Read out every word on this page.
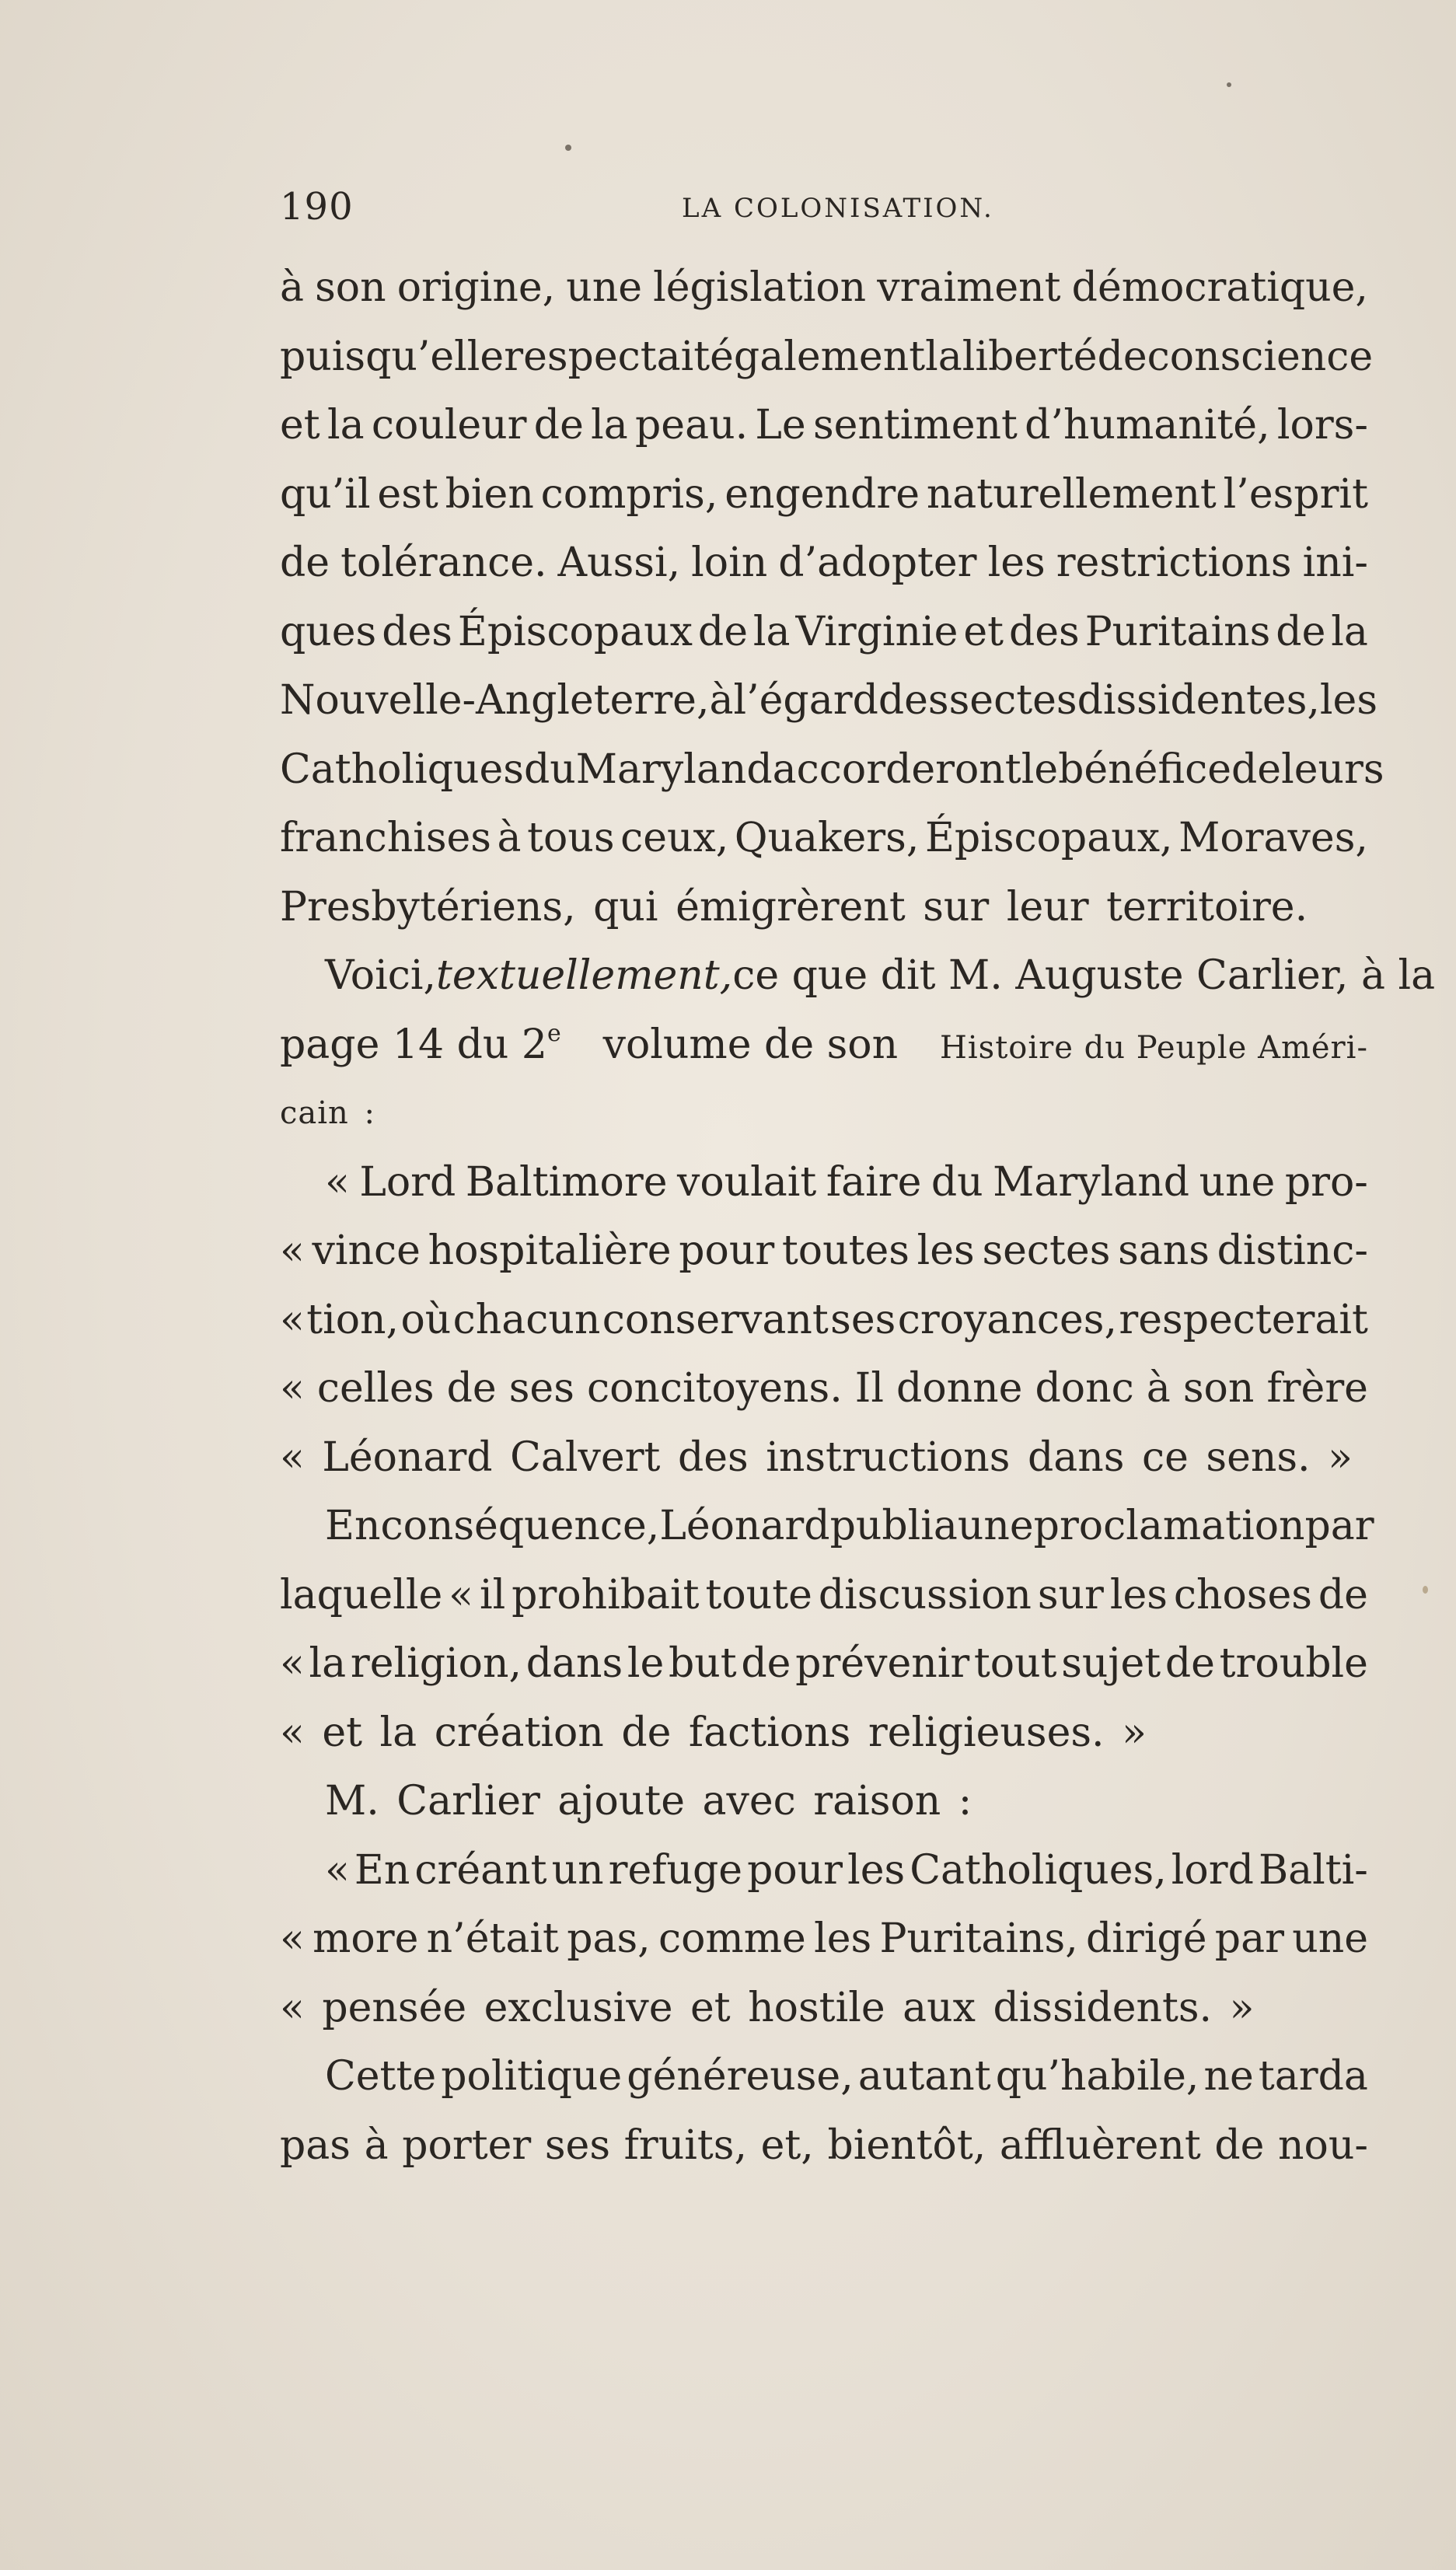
190	LA COLONISATION.
à son origine, une législation vraiment démocratique,
puisqu’elle respectait également la liberté de conscience
et la couleur de la peau. Le sentiment d’humanité, lors-
qu’il est bien compris, engendre naturellement l’esprit
de tolérance. Aussi, loin d’adopter les restrictions ini-
ques des Épiscopaux de la Virginie et des Puritains de la
Nouvelle-Angleterre, à l’égard des sectes dissidentes, les
Catholiques du Maryland accorderont le bénéfice de leurs
franchises à tous ceux, Quakers, Épiscopaux, Moraves,
Presbytériens, qui émigrèrent sur leur territoire.
Voici, textuellement, ce que dit M. Auguste Carlier, à la
page 14 du 2e volume de son Histoire du Peuple Améri-
cain :
« Lord Baltimore voulait faire du Maryland une pro-
« vince hospitalière pour toutes les sectes sans distinc-
« tion, où chacun conservant ses croyances, respecterait
« celles de ses concitoyens. Il donne donc à son frère
« Léonard Calvert des instructions dans ce sens. »
En conséquence, Léonard publia une proclamation par
laquelle « il prohibait toute discussion sur les choses de
« la religion, dans le but de prévenir tout sujet de trouble
« et la création de factions religieuses. »
M. Carlier ajoute avec raison :
« En créant un refuge pour les Catholiques, lord Balti-
« more n’était pas, comme les Puritains, dirigé par une
« pensée exclusive et hostile aux dissidents. »
Cette politique généreuse, autant qu’habile, ne tarda
pas à porter ses fruits, et, bientôt, affluèrent de nou-
